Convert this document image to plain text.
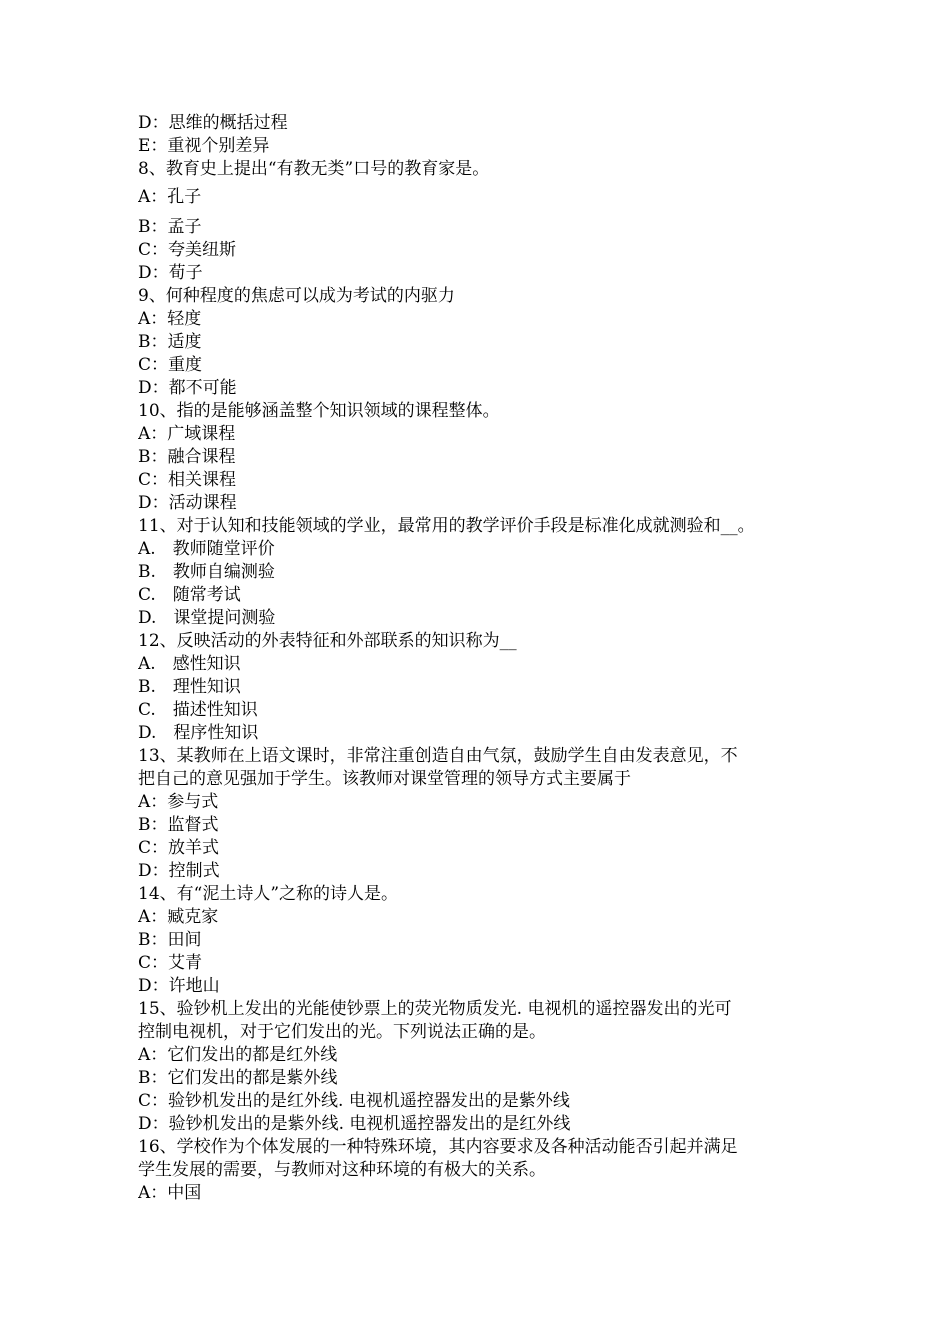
D：思维的概括过程
E：重视个别差异
8、教育史上提出“有教无类”口号的教育家是。
A：孔子
B：孟子
C：夸美纽斯
D：荀子
9、何种程度的焦虑可以成为考试的内驱力
A：轻度
B：适度
C：重度
D：都不可能
10、指的是能够涵盖整个知识领域的课程整体。
A：广域课程
B：融合课程
C：相关课程
D：活动课程
11、对于认知和技能领域的学业，最常用的教学评价手段是标准化成就测验和__。
A.　教师随堂评价
B.　教师自编测验
C.　随常考试
D.　课堂提问测验
12、反映活动的外表特征和外部联系的知识称为__
A.　感性知识
B.　理性知识
C.　描述性知识
D.　程序性知识
13、某教师在上语文课时，非常注重创造自由气氛，鼓励学生自由发表意见，不
把自己的意见强加于学生。该教师对课堂管理的领导方式主要属于
A：参与式
B：监督式
C：放羊式
D：控制式
14、有“泥土诗人”之称的诗人是。
A：臧克家
B：田间
C：艾青
D：许地山
15、验钞机上发出的光能使钞票上的荧光物质发光. 电视机的遥控器发出的光可
控制电视机，对于它们发出的光。下列说法正确的是。
A：它们发出的都是红外线
B：它们发出的都是紫外线
C：验钞机发出的是红外线. 电视机遥控器发出的是紫外线
D：验钞机发出的是紫外线. 电视机遥控器发出的是红外线
16、学校作为个体发展的一种特殊环境，其内容要求及各种活动能否引起并满足
学生发展的需要，与教师对这种环境的有极大的关系。
A：中国
